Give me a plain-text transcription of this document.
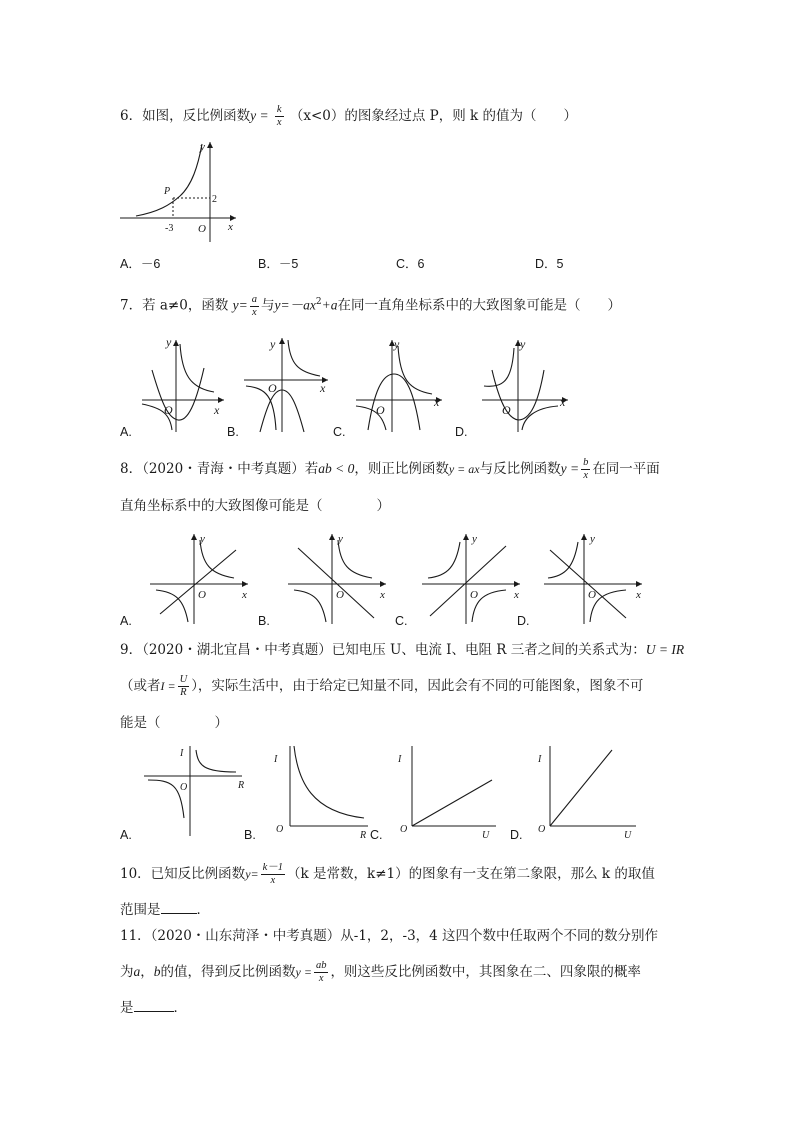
6．如图，反比例函数$y = \frac{k}{x} (x<0)$的图象经过点 P，则 k 的值为（　　）
y
x
O
P
-3
2
A．－6	B．－5	C．6	D．5
7．若 a≠0，函数 $y= \frac{a}{x}$ 与$y=-ax^2+a$在同一直角坐标系中的大致图象可能是（　　）
y
x
O
y
x
O
y
x
O
y
x
O
A.	B.	C.	D.
8．（2020・青海・中考真题）若ab < 0，则正比例函数y = ax与反比例函数$y = \frac{b}{x}$ 在同一平面
直角坐标系中的大致图像可能是（　　　　）
y
x
O
y
x
O
y
x
O
y
x
O
A.	B.	C.	D.
9．（2020・湖北宜昌・中考真题）已知电压 U、电流 I、电阻 R 三者之间的关系式为：U = IR
（或者$I = \frac{U}{R}$ ），实际生活中，由于给定已知量不同，因此会有不同的可能图象，图象不可
能是（　　　　）
I
R
O
I
R
O
I
U
O
I
U
O
A.	B.	C.	D.
10．已知反比例函数$y= \frac{k-1}{x} (k$ 是常数，k≠1）的图象有一支在第二象限，那么 k 的取值
范围是	．
11．（2020・山东菏泽・中考真题）从-1，2，-3，4 这四个数中任取两个不同的数分别作
为a，b的值，得到反比例函数$y = \frac{ab}{x}$ ，则这些反比例函数中，其图象在二、四象限的概率
是	．
